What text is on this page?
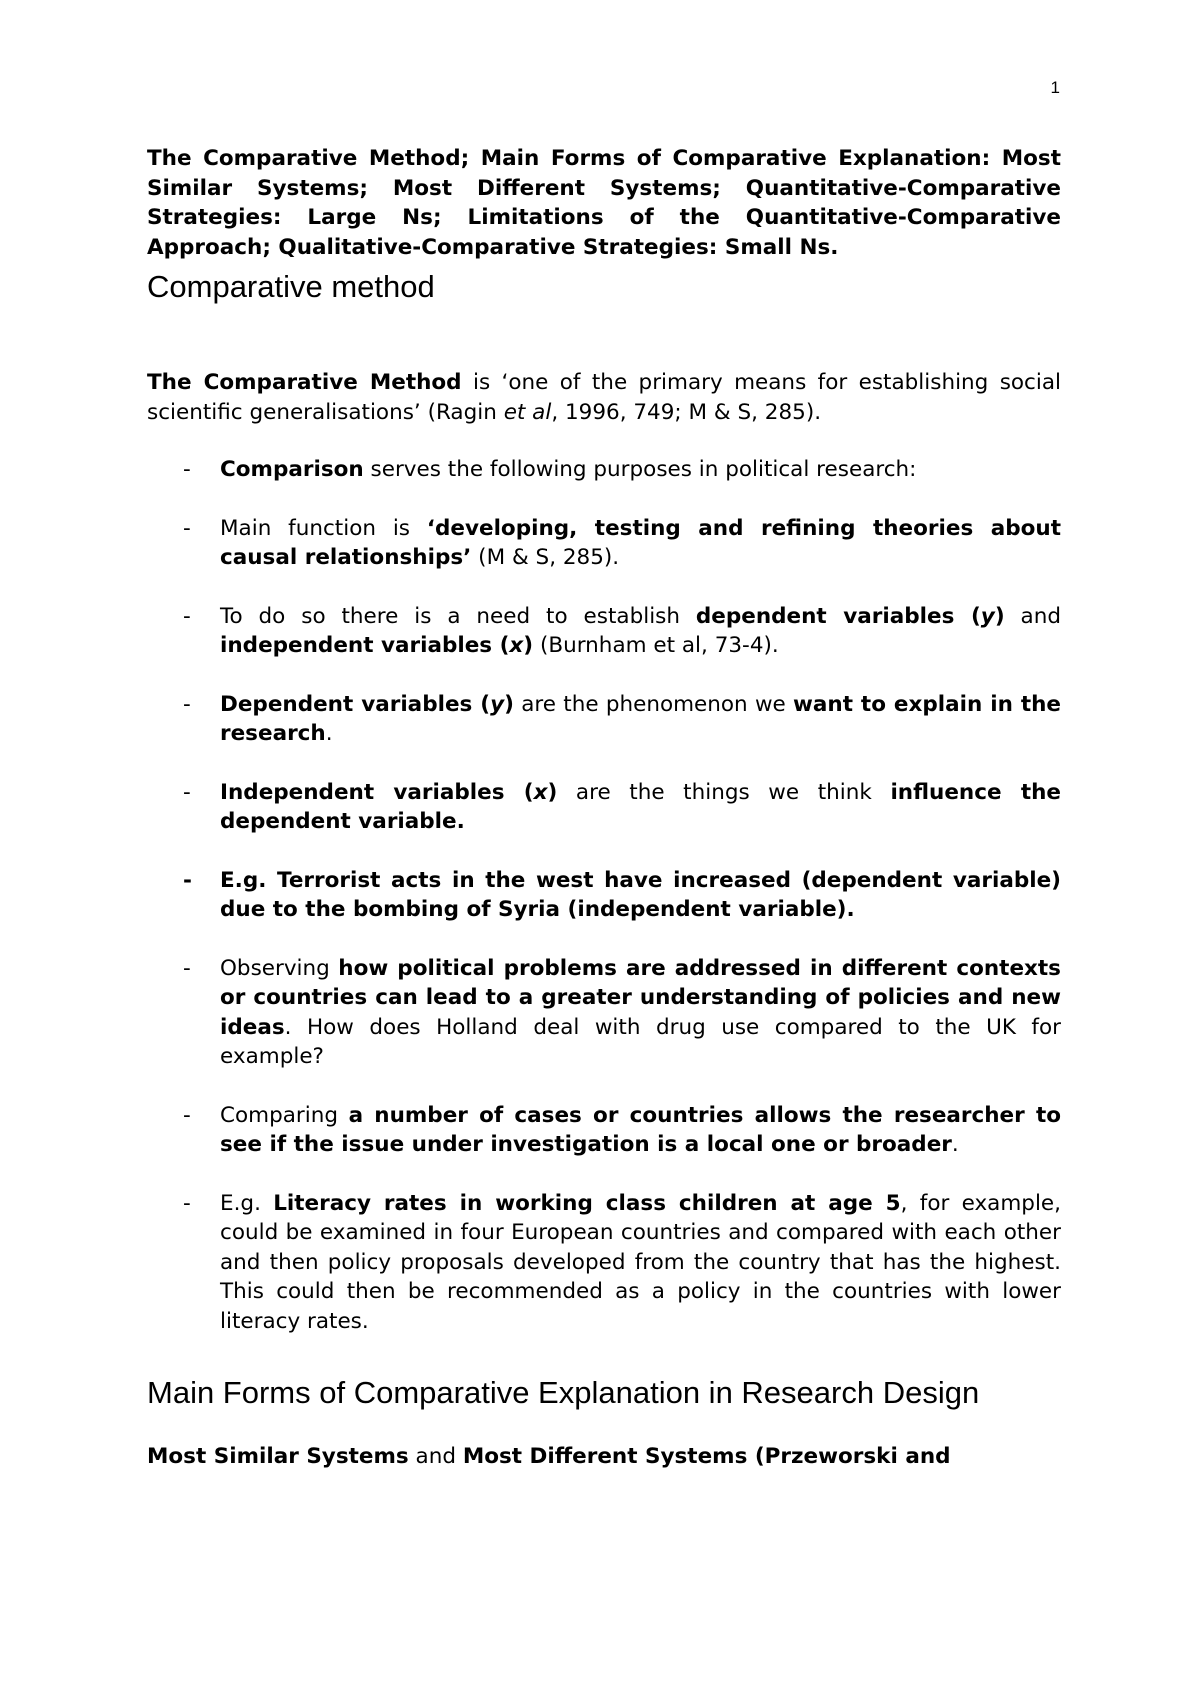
1

The Comparative Method; Main Forms of Comparative Explanation: Most Similar Systems; Most Different Systems; Quantitative-Comparative Strategies: Large Ns; Limitations of the Quantitative-Comparative Approach; Qualitative-Comparative Strategies: Small Ns.

Comparative method

The Comparative Method is ‘one of the primary means for establishing social scientific generalisations’ (Ragin et al, 1996, 749; M & S, 285).

- Comparison serves the following purposes in political research:
- Main function is ‘developing, testing and refining theories about causal relationships’ (M & S, 285).
- To do so there is a need to establish dependent variables (y) and independent variables (x) (Burnham et al, 73-4).
- Dependent variables (y) are the phenomenon we want to explain in the research.
- Independent variables (x) are the things we think influence the dependent variable.
- E.g. Terrorist acts in the west have increased (dependent variable) due to the bombing of Syria (independent variable).
- Observing how political problems are addressed in different contexts or countries can lead to a greater understanding of policies and new ideas. How does Holland deal with drug use compared to the UK for example?
- Comparing a number of cases or countries allows the researcher to see if the issue under investigation is a local one or broader.
- E.g. Literacy rates in working class children at age 5, for example, could be examined in four European countries and compared with each other and then policy proposals developed from the country that has the highest. This could then be recommended as a policy in the countries with lower literacy rates.
Main Forms of Comparative Explanation in Research Design

Most Similar Systems and Most Different Systems (Przeworski and
